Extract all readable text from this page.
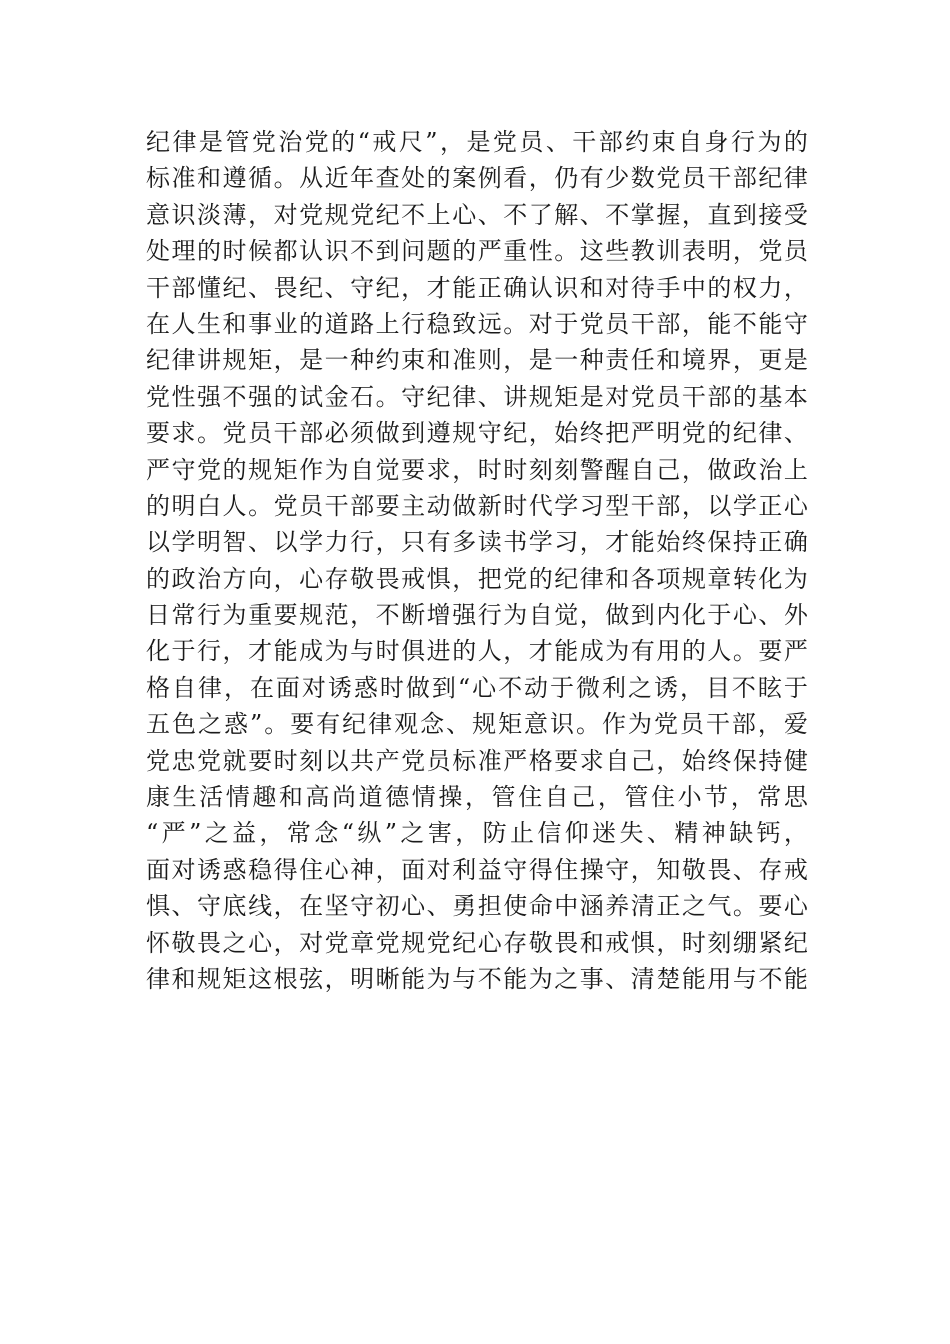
纪 律 是 管 党 治 党 的 “ 戒 尺 ” ， 是 党 员 、 干 部 约 束 自 身 行 为 的
标 准 和 遵 循 。 从 近 年 查 处 的 案 例 看 ， 仍 有 少 数 党 员 干 部 纪 律
意 识 淡 薄 ， 对 党 规 党 纪 不 上 心 、 不 了 解 、 不 掌 握 ， 直 到 接 受
处 理 的 时 候 都 认 识 不 到 问 题 的 严 重 性 。 这 些 教 训 表 明 ， 党 员
干 部 懂 纪 、 畏 纪 、 守 纪 ， 才 能 正 确 认 识 和 对 待 手 中 的 权 力 ，
在 人 生 和 事 业 的 道 路 上 行 稳 致 远 。 对 于 党 员 干 部 ， 能 不 能 守
纪 律 讲 规 矩 ， 是 一 种 约 束 和 准 则 ， 是 一 种 责 任 和 境 界 ， 更 是
党 性 强 不 强 的 试 金 石 。 守 纪 律 、 讲 规 矩 是 对 党 员 干 部 的 基 本
要 求 。 党 员 干 部 必 须 做 到 遵 规 守 纪 ， 始 终 把 严 明 党 的 纪 律 、
严 守 党 的 规 矩 作 为 自 觉 要 求 ， 时 时 刻 刻 警 醒 自 己 ， 做 政 治 上
的 明 白 人 。 党 员 干 部 要 主 动 做 新 时 代 学 习 型 干 部 ， 以 学 正 心
以 学 明 智 、 以 学 力 行 ， 只 有 多 读 书 学 习 ， 才 能 始 终 保 持 正 确
的 政 治 方 向 ， 心 存 敬 畏 戒 惧 ， 把 党 的 纪 律 和 各 项 规 章 转 化 为
日 常 行 为 重 要 规 范 ， 不 断 增 强 行 为 自 觉 ， 做 到 内 化 于 心 、 外
化 于 行 ， 才 能 成 为 与 时 俱 进 的 人 ， 才 能 成 为 有 用 的 人 。 要 严
格 自 律 ， 在 面 对 诱 惑 时 做 到 “ 心 不 动 于 微 利 之 诱 ， 目 不 眩 于
五 色 之 惑 ” 。 要 有 纪 律 观 念 、 规 矩 意 识 。 作 为 党 员 干 部 ， 爱
党 忠 党 就 要 时 刻 以 共 产 党 员 标 准 严 格 要 求 自 己 ， 始 终 保 持 健
康 生 活 情 趣 和 高 尚 道 德 情 操 ， 管 住 自 己 ， 管 住 小 节 ， 常 思
“ 严 ” 之 益 ， 常 念 “ 纵 ” 之 害 ， 防 止 信 仰 迷 失 、 精 神 缺 钙 ，
面 对 诱 惑 稳 得 住 心 神 ， 面 对 利 益 守 得 住 操 守 ， 知 敬 畏 、 存 戒
惧 、 守 底 线 ， 在 坚 守 初 心 、 勇 担 使 命 中 涵 养 清 正 之 气 。 要 心
怀 敬 畏 之 心 ， 对 党 章 党 规 党 纪 心 存 敬 畏 和 戒 惧 ， 时 刻 绷 紧 纪
律 和 规 矩 这 根 弦 ， 明 晰 能 为 与 不 能 为 之 事 、 清 楚 能 用 与 不 能
